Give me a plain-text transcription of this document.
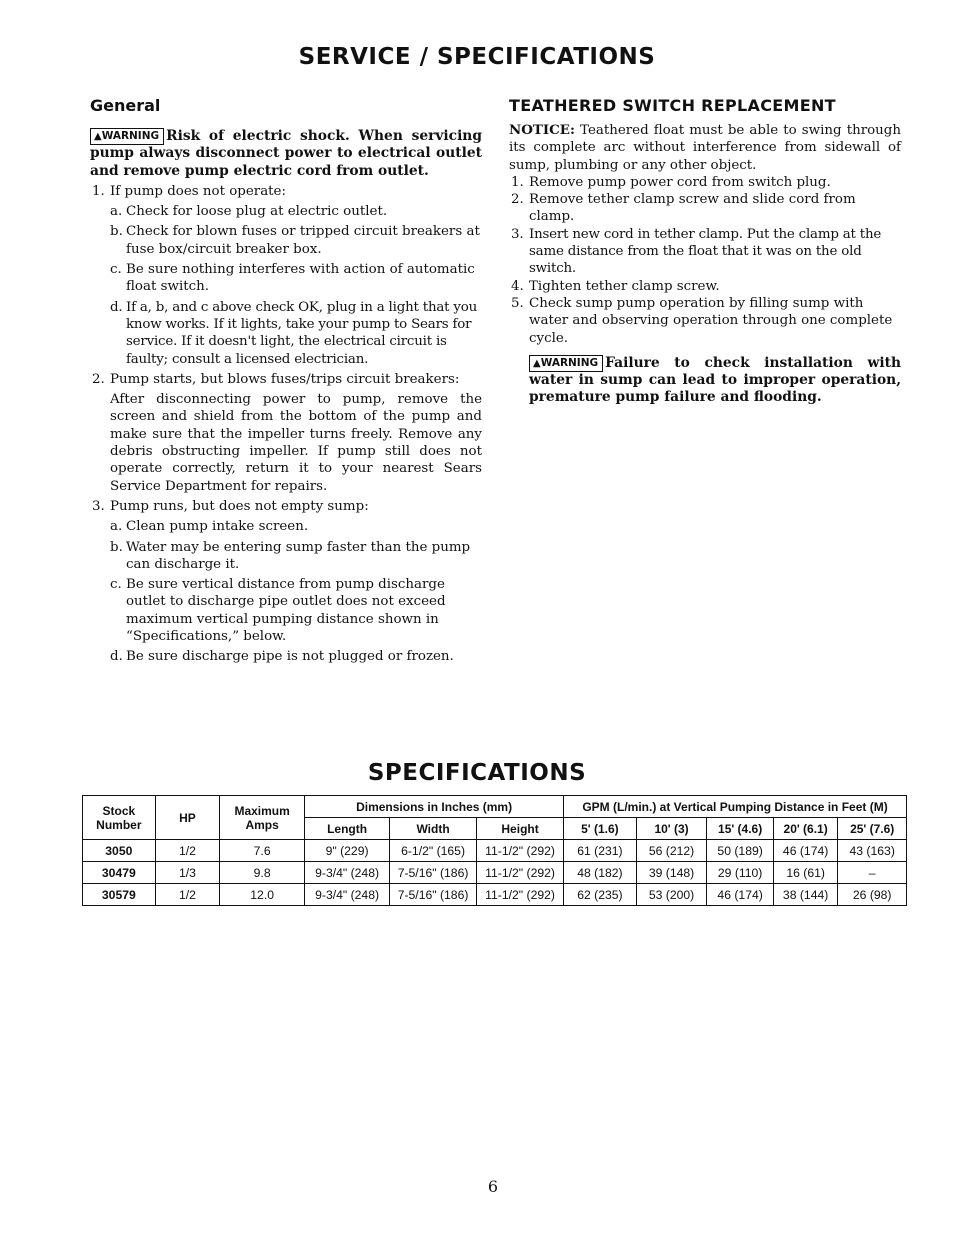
SERVICE / SPECIFICATIONS
General	TEATHERED SWITCH REPLACEMENT

▲WARNING Risk of electric shock. When servicing pump always disconnect power to electrical outlet and remove pump electric cord from outlet.

1. If pump does not operate:

a. Check for loose plug at electric outlet.

b. Check for blown fuses or tripped circuit breakers at fuse box/circuit breaker box.

c. Be sure nothing interferes with action of automatic float switch.

d. If a, b, and c above check OK, plug in a light that you know works. If it lights, take your pump to Sears for service. If it doesn't light, the electrical circuit is faulty; consult a licensed electrician.

2. Pump starts, but blows fuses/trips circuit breakers:

After disconnecting power to pump, remove the screen and shield from the bottom of the pump and make sure that the impeller turns freely. Remove any debris obstructing impeller. If pump still does not operate correctly, return it to your nearest Sears Service Department for repairs.

3. Pump runs, but does not empty sump:

a. Clean pump intake screen.

b. Water may be entering sump faster than the pump can discharge it.

c. Be sure vertical distance from pump discharge outlet to discharge pipe outlet does not exceed maximum vertical pumping distance shown in “Specifications,” below.

d. Be sure discharge pipe is not plugged or frozen.

NOTICE: Teathered float must be able to swing through its complete arc without interference from sidewall of sump, plumbing or any other object.

1. Remove pump power cord from switch plug.

2. Remove tether clamp screw and slide cord from clamp.

3. Insert new cord in tether clamp. Put the clamp at the same distance from the float that it was on the old switch.

4. Tighten tether clamp screw.

5. Check sump pump operation by filling sump with water and observing operation through one complete cycle.

▲WARNING Failure to check installation with water in sump can lead to improper operation, premature pump failure and flooding.

SPECIFICATIONS
Stock Number	HP	Maximum Amps	Dimensions in Inches (mm)			GPM (L/min.) at Vertical Pumping Distance in Feet (M)				
			Length	Width	Height	5' (1.6)	10' (3)	15' (4.6)	20' (6.1)	25' (7.6)
3050	1/2	7.6	9" (229)	6-1/2" (165)	11-1/2" (292)	61 (231)	56 (212)	50 (189)	46 (174)	43 (163)
30479	1/3	9.8	9-3/4" (248)	7-5/16" (186)	11-1/2" (292)	48 (182)	39 (148)	29 (110)	16 (61)	–
30579	1/2	12.0	9-3/4" (248)	7-5/16" (186)	11-1/2" (292)	62 (235)	53 (200)	46 (174)	38 (144)	26 (98)
6
